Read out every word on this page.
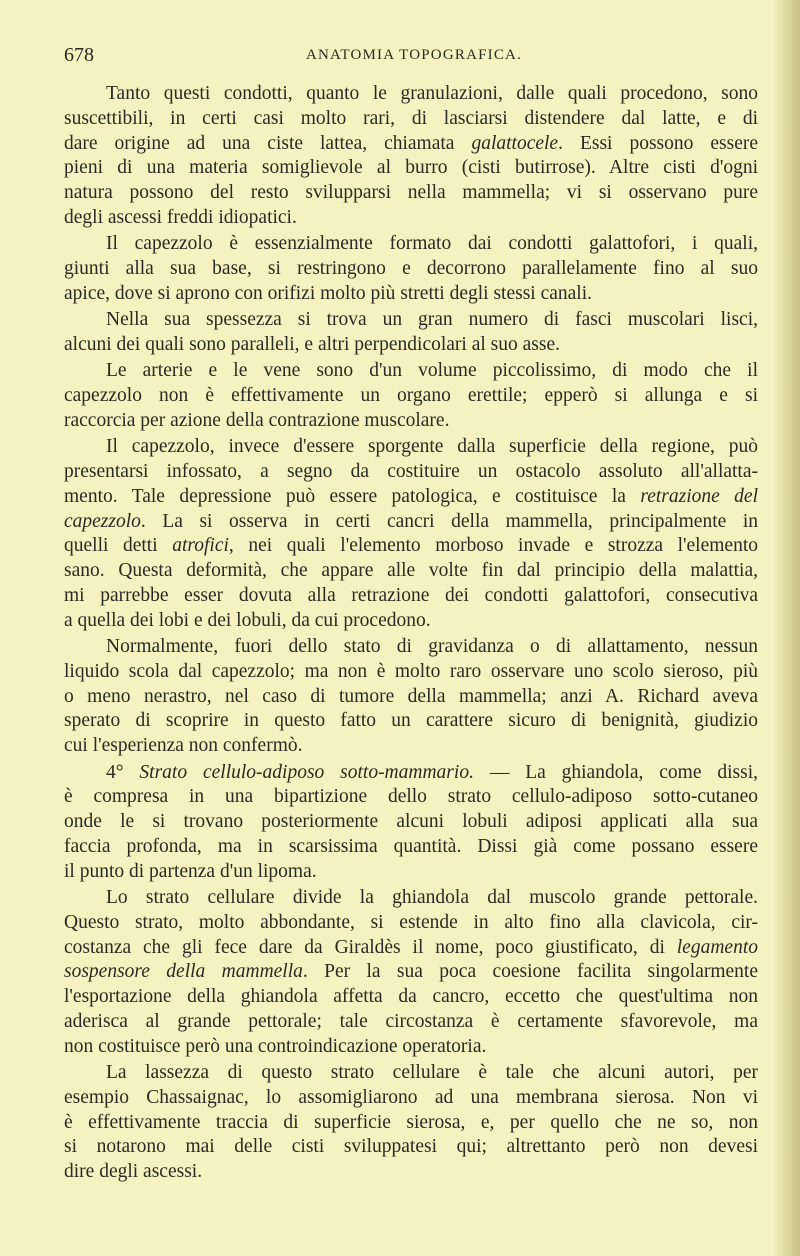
678	ANATOMIA TOPOGRAFICA.
Tanto questi condotti, quanto le granulazioni, dalle quali procedono, sono
suscettibili, in certi casi molto rari, di lasciarsi distendere dal latte, e di
dare origine ad una ciste lattea, chiamata galattocele. Essi possono essere
pieni di una materia somiglievole al burro (cisti butirrose). Altre cisti d'ogni
natura possono del resto svilupparsi nella mammella; vi si osservano pure
degli ascessi freddi idiopatici.
Il capezzolo è essenzialmente formato dai condotti galattofori, i quali,
giunti alla sua base, si restringono e decorrono parallelamente fino al suo
apice, dove si aprono con orifizi molto più stretti degli stessi canali.
Nella sua spessezza si trova un gran numero di fasci muscolari lisci,
alcuni dei quali sono paralleli, e altri perpendicolari al suo asse.
Le arterie e le vene sono d'un volume piccolissimo, di modo che il
capezzolo non è effettivamente un organo erettile; epperò si allunga e si
raccorcia per azione della contrazione muscolare.
Il capezzolo, invece d'essere sporgente dalla superficie della regione, può
presentarsi infossato, a segno da costituire un ostacolo assoluto all'allatta-
mento. Tale depressione può essere patologica, e costituisce la retrazione del
capezzolo. La si osserva in certi cancri della mammella, principalmente in
quelli detti atrofici, nei quali l'elemento morboso invade e strozza l'elemento
sano. Questa deformità, che appare alle volte fin dal principio della malattia,
mi parrebbe esser dovuta alla retrazione dei condotti galattofori, consecutiva
a quella dei lobi e dei lobuli, da cui procedono.
Normalmente, fuori dello stato di gravidanza o di allattamento, nessun
liquido scola dal capezzolo; ma non è molto raro osservare uno scolo sieroso, più
o meno nerastro, nel caso di tumore della mammella; anzi A. Richard aveva
sperato di scoprire in questo fatto un carattere sicuro di benignità, giudizio
cui l'esperienza non confermò.
4° Strato cellulo-adiposo sotto-mammario. — La ghiandola, come dissi,
è compresa in una bipartizione dello strato cellulo-adiposo sotto-cutaneo
onde le si trovano posteriormente alcuni lobuli adiposi applicati alla sua
faccia profonda, ma in scarsissima quantità. Dissi già come possano essere
il punto di partenza d'un lipoma.
Lo strato cellulare divide la ghiandola dal muscolo grande pettorale.
Questo strato, molto abbondante, si estende in alto fino alla clavicola, cir-
costanza che gli fece dare da Giraldès il nome, poco giustificato, di legamento
sospensore della mammella. Per la sua poca coesione facilita singolarmente
l'esportazione della ghiandola affetta da cancro, eccetto che quest'ultima non
aderisca al grande pettorale; tale circostanza è certamente sfavorevole, ma
non costituisce però una controindicazione operatoria.
La lassezza di questo strato cellulare è tale che alcuni autori, per
esempio Chassaignac, lo assomigliarono ad una membrana sierosa. Non vi
è effettivamente traccia di superficie sierosa, e, per quello che ne so, non
si notarono mai delle cisti sviluppatesi qui; altrettanto però non devesi
dire degli ascessi.
